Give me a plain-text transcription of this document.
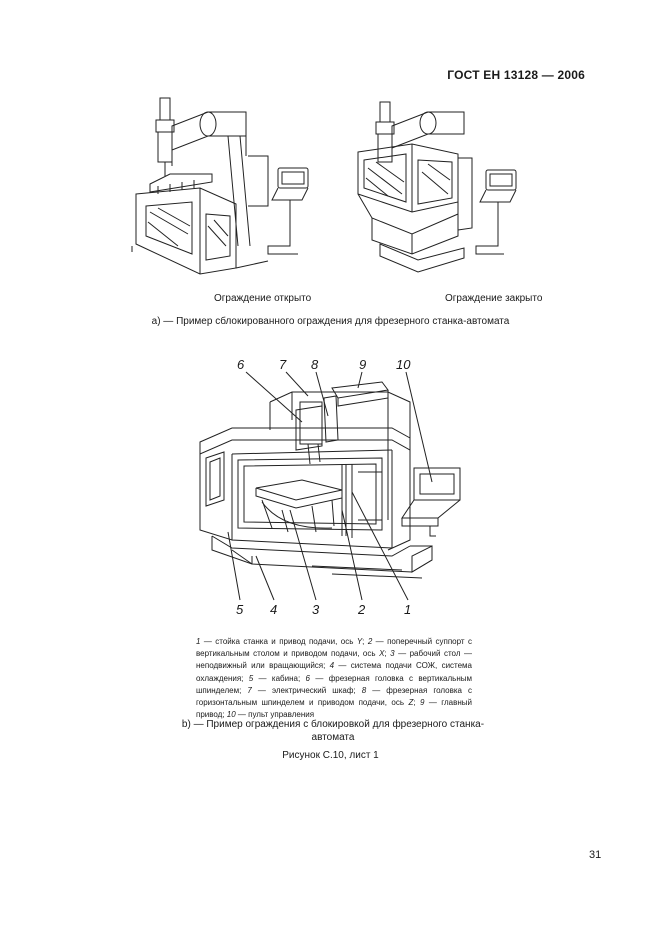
ГОСТ ЕН 13128 — 2006
Ограждение открыто	Ограждение закрыто
а) — Пример сблокированного ограждения для фрезерного станка-автомата
6	7 8	9 10
5 4	3	2	1
1 — стойка станка и привод подачи, ось Y; 2 — поперечный суппорт с вертикальным столом и приводом подачи, ось X; 3 — рабочий стол — неподвижный или вращающийся; 4 — система подачи СОЖ, система охлаждения; 5 — кабина; 6 — фрезерная головка с вертикальным шпинделем; 7 — электрический шкаф; 8 — фрезерная головка с горизонтальным шпинделем и приводом подачи, ось Z; 9 — главный привод; 10 — пульт управления
b) — Пример ограждения с блокировкой для фрезерного станка-автомата
Рисунок С.10, лист 1
31
